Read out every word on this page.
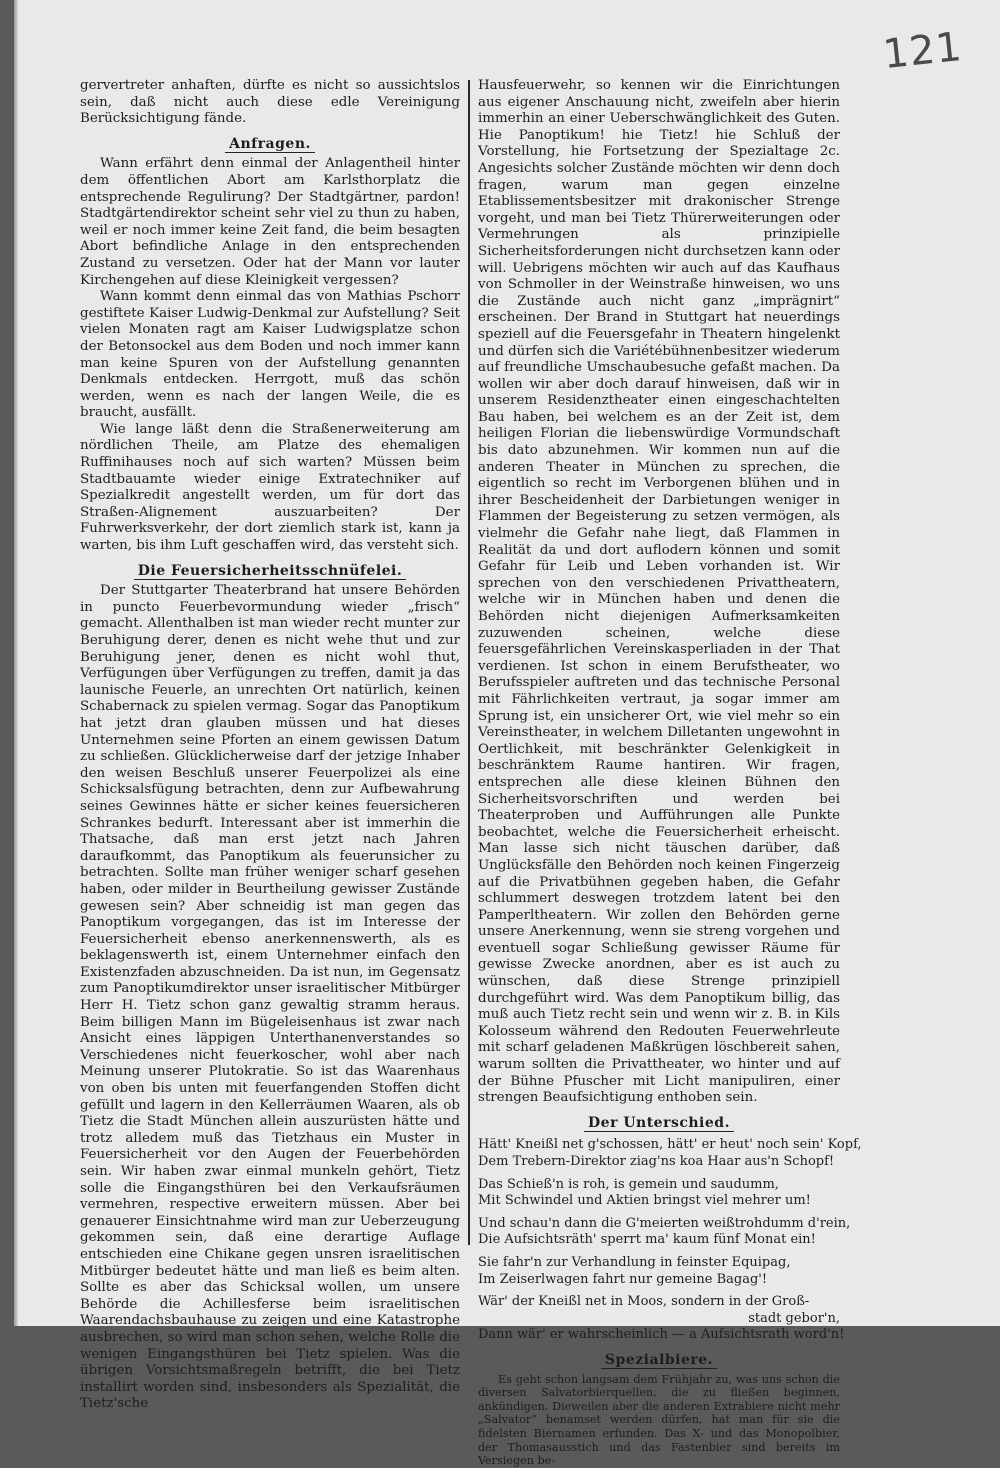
121

gervertreter anhaften, dürfte es nicht so aussichtslos sein, daß nicht auch diese edle Vereinigung Berücksichtigung fände.

Anfragen.

Wann erfährt denn einmal der Anlagentheil hinter dem öffentlichen Abort am Karlsthorplatz die entsprechende Regulirung? Der Stadtgärtner, pardon! Stadtgärtendirektor scheint sehr viel zu thun zu haben, weil er noch immer keine Zeit fand, die beim besagten Abort befindliche Anlage in den entsprechenden Zustand zu versetzen. Oder hat der Mann vor lauter Kirchengehen auf diese Kleinigkeit vergessen?

Wann kommt denn einmal das von Mathias Pschorr gestiftete Kaiser Ludwig-Denkmal zur Aufstellung? Seit vielen Monaten ragt am Kaiser Ludwigsplatze schon der Betonsockel aus dem Boden und noch immer kann man keine Spuren von der Aufstellung genannten Denkmals entdecken. Herrgott, muß das schön werden, wenn es nach der langen Weile, die es braucht, ausfällt.

Wie lange läßt denn die Straßenerweiterung am nördlichen Theile, am Platze des ehemaligen Ruffinihauses noch auf sich warten? Müssen beim Stadtbauamte wieder einige Extratechniker auf Spezialkredit angestellt werden, um für dort das Straßen-Alignement auszuarbeiten? Der Fuhrwerksverkehr, der dort ziemlich stark ist, kann ja warten, bis ihm Luft geschaffen wird, das versteht sich.

Die Feuersicherheitsschnüfelei.

Der Stuttgarter Theaterbrand hat unsere Behörden in puncto Feuerbevormundung wieder „frisch“ gemacht. Allenthalben ist man wieder recht munter zur Beruhigung derer, denen es nicht wehe thut und zur Beruhigung jener, denen es nicht wohl thut, Verfügungen über Verfügungen zu treffen, damit ja das launische Feuerle, an unrechten Ort natürlich, keinen Schabernack zu spielen vermag. Sogar das Panoptikum hat jetzt dran glauben müssen und hat dieses Unternehmen seine Pforten an einem gewissen Datum zu schließen. Glücklicherweise darf der jetzige Inhaber den weisen Beschluß unserer Feuerpolizei als eine Schicksalsfügung betrachten, denn zur Aufbewahrung seines Gewinnes hätte er sicher keines feuersicheren Schrankes bedurft. Interessant aber ist immerhin die Thatsache, daß man erst jetzt nach Jahren daraufkommt, das Panoptikum als feuerunsicher zu betrachten. Sollte man früher weniger scharf gesehen haben, oder milder in Beurtheilung gewisser Zustände gewesen sein? Aber schneidig ist man gegen das Panoptikum vorgegangen, das ist im Interesse der Feuersicherheit ebenso anerkennenswerth, als es beklagenswerth ist, einem Unternehmer einfach den Existenzfaden abzuschneiden. Da ist nun, im Gegensatz zum Panoptikumdirektor unser israelitischer Mitbürger Herr H. Tietz schon ganz gewaltig stramm heraus. Beim billigen Mann im Bügeleisenhaus ist zwar nach Ansicht eines läppigen Unterthanenverstandes so Verschiedenes nicht feuerkoscher, wohl aber nach Meinung unserer Plutokratie. So ist das Waarenhaus von oben bis unten mit feuerfangenden Stoffen dicht gefüllt und lagern in den Kellerräumen Waaren, als ob Tietz die Stadt München allein auszurüsten hätte und trotz alledem muß das Tietzhaus ein Muster in Feuersicherheit vor den Augen der Feuerbehörden sein. Wir haben zwar einmal munkeln gehört, Tietz solle die Eingangsthüren bei den Verkaufsräumen vermehren, respective erweitern müssen. Aber bei genauerer Einsichtnahme wird man zur Ueberzeugung gekommen sein, daß eine derartige Auflage entschieden eine Chikane gegen unsren israelitischen Mitbürger bedeutet hätte und man ließ es beim alten. Sollte es aber das Schicksal wollen, um unsere Behörde die Achillesferse beim israelitischen Waarendachsbauhause zu zeigen und eine Katastrophe ausbrechen, so wird man schon sehen, welche Rolle die wenigen Eingangsthüren bei Tietz spielen. Was die übrigen Vorsichtsmaßregeln betrifft, die bei Tietz installirt worden sind, insbesonders als Spezialität, die Tietz'sche

Hausfeuerwehr, so kennen wir die Einrichtungen aus eigener Anschauung nicht, zweifeln aber hierin immerhin an einer Ueberschwänglichkeit des Guten. Hie Panoptikum! hie Tietz! hie Schluß der Vorstellung, hie Fortsetzung der Spezialtage 2c. Angesichts solcher Zustände möchten wir denn doch fragen, warum man gegen einzelne Etablissementsbesitzer mit drakonischer Strenge vorgeht, und man bei Tietz Thürerweiterungen oder Vermehrungen als prinzipielle Sicherheitsforderungen nicht durchsetzen kann oder will. Uebrigens möchten wir auch auf das Kaufhaus von Schmoller in der Weinstraße hinweisen, wo uns die Zustände auch nicht ganz „imprägnirt“ erscheinen. Der Brand in Stuttgart hat neuerdings speziell auf die Feuersgefahr in Theatern hingelenkt und dürfen sich die Variétébühnenbesitzer wiederum auf freundliche Umschaubesuche gefaßt machen. Da wollen wir aber doch darauf hinweisen, daß wir in unserem Residenztheater einen eingeschachtelten Bau haben, bei welchem es an der Zeit ist, dem heiligen Florian die liebenswürdige Vormundschaft bis dato abzunehmen. Wir kommen nun auf die anderen Theater in München zu sprechen, die eigentlich so recht im Verborgenen blühen und in ihrer Bescheidenheit der Darbietungen weniger in Flammen der Begeisterung zu setzen vermögen, als vielmehr die Gefahr nahe liegt, daß Flammen in Realität da und dort auflodern können und somit Gefahr für Leib und Leben vorhanden ist. Wir sprechen von den verschiedenen Privattheatern, welche wir in München haben und denen die Behörden nicht diejenigen Aufmerksamkeiten zuzuwenden scheinen, welche diese feuersgefährlichen Vereinskasperliaden in der That verdienen. Ist schon in einem Berufstheater, wo Berufsspieler auftreten und das technische Personal mit Fährlichkeiten vertraut, ja sogar immer am Sprung ist, ein unsicherer Ort, wie viel mehr so ein Vereinstheater, in welchem Dilletanten ungewohnt in Oertlichkeit, mit beschränkter Gelenkigkeit in beschränktem Raume hantiren. Wir fragen, entsprechen alle diese kleinen Bühnen den Sicherheitsvorschriften und werden bei Theaterproben und Aufführungen alle Punkte beobachtet, welche die Feuersicherheit erheischt. Man lasse sich nicht täuschen darüber, daß Unglücksfälle den Behörden noch keinen Fingerzeig auf die Privatbühnen gegeben haben, die Gefahr schlummert deswegen trotzdem latent bei den Pamperltheatern. Wir zollen den Behörden gerne unsere Anerkennung, wenn sie streng vorgehen und eventuell sogar Schließung gewisser Räume für gewisse Zwecke anordnen, aber es ist auch zu wünschen, daß diese Strenge prinzipiell durchgeführt wird. Was dem Panoptikum billig, das muß auch Tietz recht sein und wenn wir z. B. in Kils Kolosseum während den Redouten Feuerwehrleute mit scharf geladenen Maßkrügen löschbereit sahen, warum sollten die Privattheater, wo hinter und auf der Bühne Pfuscher mit Licht manipuliren, einer strengen Beaufsichtigung enthoben sein.

Der Unterschied.
Hätt' Kneißl net g'schossen, hätt' er heut' noch sein' Kopf,
Dem Trebern-Direktor ziag'ns koa Haar aus'n Schopf!
Das Schieß'n is roh, is gemein und saudumm,
Mit Schwindel und Aktien bringst viel mehrer um!
Und schau'n dann die G'meierten weißtrohdumm d'rein,
Die Aufsichtsräth' sperrt ma' kaum fünf Monat ein!
Sie fahr'n zur Verhandlung in feinster Equipag,
Im Zeiserlwagen fahrt nur gemeine Bagag'!
Wär' der Kneißl net in Moos, sondern in der Groß-
stadt gebor'n,
Dann wär' er wahrscheinlich — a Aufsichtsrath word'n!
Spezialbiere.

Es geht schon langsam dem Frühjahr zu, was uns schon die diversen Salvatorbierquellen, die zu fließen beginnen, ankündigen. Dieweilen aber die anderen Extrabiere nicht mehr „Salvator“ benamset werden dürfen, hat man für sie die fidelsten Biernamen erfunden. Das X- und das Monopolbier, der Thomasausstich und das Fastenbier sind bereits im Versiegen be-
